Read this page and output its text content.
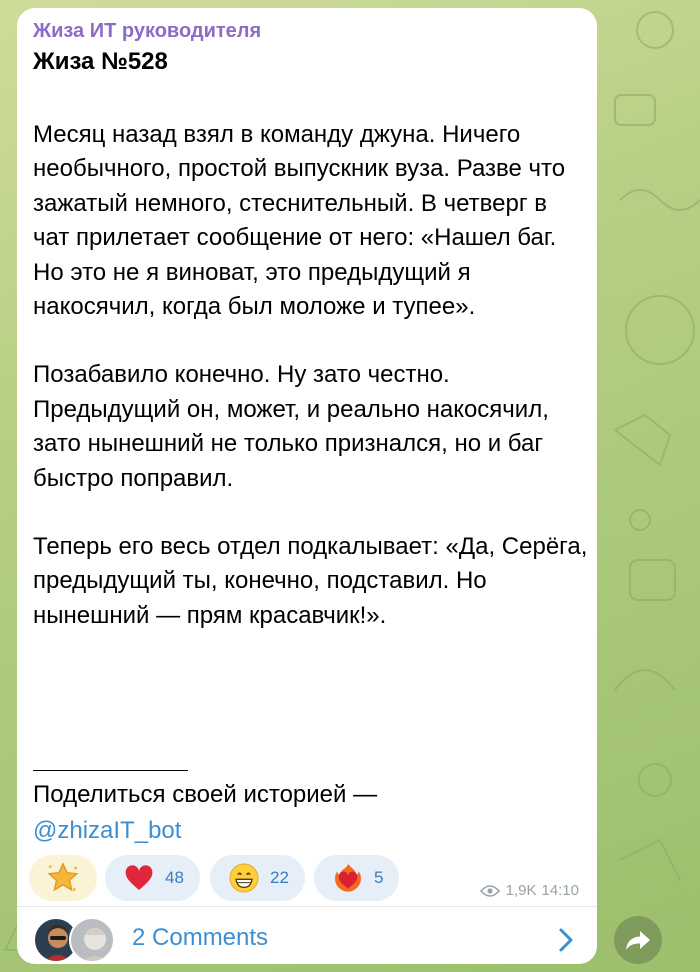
Жиза ИТ руководителя
Жиза №528

Месяц назад взял в команду джуна. Ничего необычного, простой выпускник вуза. Разве что зажатый немного, стеснительный. В четверг в чат прилетает сообщение от него: «Нашел баг. Но это не я виноват, это предыдущий я накосячил, когда был моложе и тупее».

Позабавило конечно. Ну зато честно. Предыдущий он, может, и реально накосячил, зато нынешний не только признался, но и баг быстро поправил.

Теперь его весь отдел подкалывает: «Да, Серёга, предыдущий ты, конечно, подставил. Но нынешний — прям красавчик!».

Поделиться своей историей —
@zhizaIT_bot
48	22	5
1,9K 14:10
2 Comments
